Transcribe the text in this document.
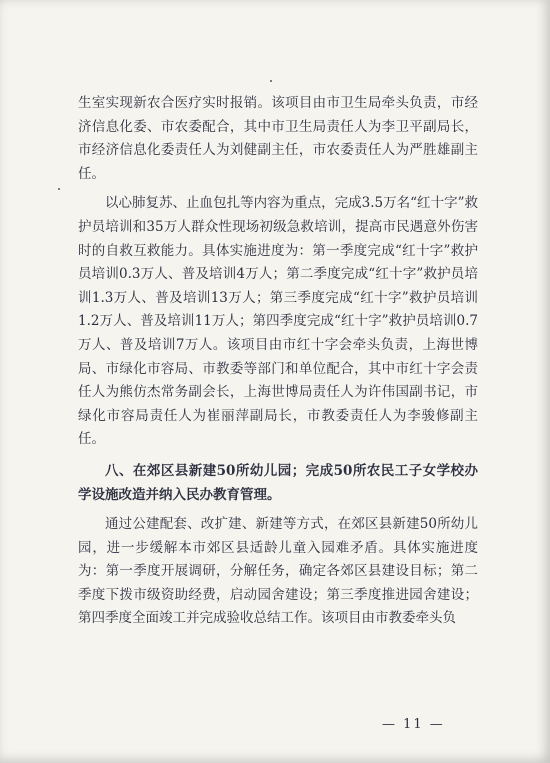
生室实现新农合医疗实时报销。该项目由市卫生局牵头负责，市经济信息化委、市农委配合，其中市卫生局责任人为李卫平副局长，市经济信息化委责任人为刘健副主任，市农委责任人为严胜雄副主任。

以心肺复苏、止血包扎等内容为重点，完成3.5万名“红十字”救护员培训和35万人群众性现场初级急救培训，提高市民遇意外伤害时的自救互救能力。具体实施进度为：第一季度完成“红十字”救护员培训0.3万人、普及培训4万人；第二季度完成“红十字”救护员培训1.3万人、普及培训13万人；第三季度完成“红十字”救护员培训1.2万人、普及培训11万人；第四季度完成“红十字”救护员培训0.7万人、普及培训7万人。该项目由市红十字会牵头负责，上海世博局、市绿化市容局、市教委等部门和单位配合，其中市红十字会责任人为熊仿杰常务副会长，上海世博局责任人为许伟国副书记，市绿化市容局责任人为崔丽萍副局长，市教委责任人为李骏修副主任。

八、在郊区县新建50所幼儿园；完成50所农民工子女学校办学设施改造并纳入民办教育管理。

通过公建配套、改扩建、新建等方式，在郊区县新建50所幼儿园，进一步缓解本市郊区县适龄儿童入园难矛盾。具体实施进度为：第一季度开展调研，分解任务，确定各郊区县建设目标；第二季度下拨市级资助经费，启动园舍建设；第三季度推进园舍建设；第四季度全面竣工并完成验收总结工作。该项目由市教委牵头负

— 11 —
